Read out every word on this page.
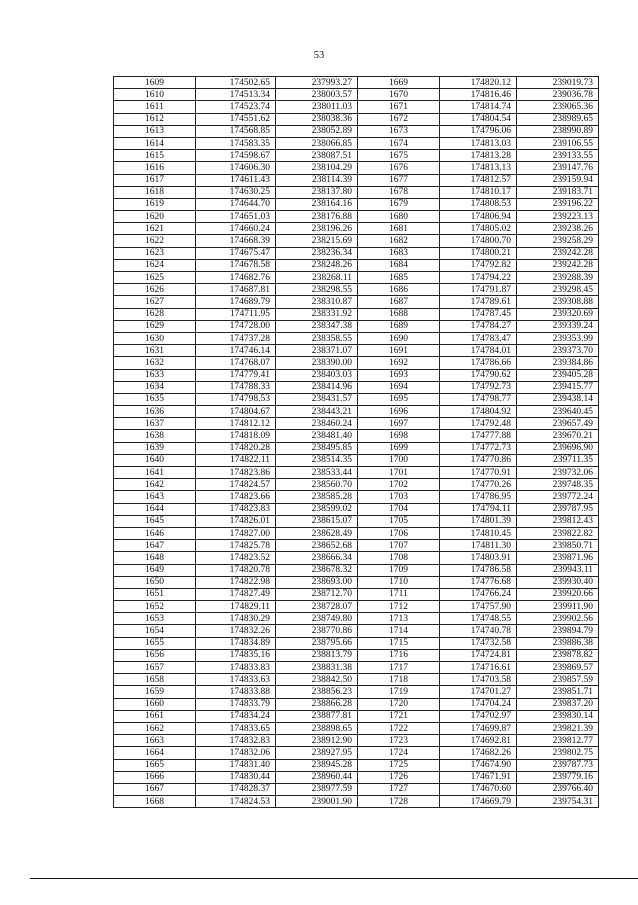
53
1609	174502.65	237993.27	1669	174820.12	239019.73
1610	174513.34	238003.57	1670	174816.46	239036.78
1611	174523.74	238011.03	1671	174814.74	239065.36
1612	174551.62	238038.36	1672	174804.54	238989.65
1613	174568.85	238052.89	1673	174796.06	238990.89
1614	174583.35	238066.85	1674	174813.03	239106.55
1615	174598.67	238087.51	1675	174813.28	239133.55
1616	174606.30	238104.29	1676	174813.13	239147.76
1617	174611.43	238114.39	1677	174812.57	239159.94
1618	174630.25	238137.80	1678	174810.17	239183.71
1619	174644.70	238164.16	1679	174808.53	239196.22
1620	174651.03	238176.88	1680	174806.94	239223.13
1621	174660.24	238196.26	1681	174805.02	239238.26
1622	174668.39	238215.69	1682	174800.70	239258.29
1623	174675.47	238236.34	1683	174800.21	239242.28
1624	174678.58	238248.26	1684	174792.82	239242.28
1625	174682.76	238268.11	1685	174794.22	239288.39
1626	174687.81	238298.55	1686	174791.87	239298.45
1627	174689.79	238310.87	1687	174789.61	239308.88
1628	174711.95	238331.92	1688	174787.45	239320.69
1629	174728.00	238347.38	1689	174784.27	239339.24
1630	174737.28	238358.55	1690	174783.47	239353.99
1631	174746.14	238371.07	1691	174784.01	239373.70
1632	174768.07	238390.00	1692	174786.66	239384.86
1633	174779.41	238403.03	1693	174790.62	239405.28
1634	174788.33	238414.96	1694	174792.73	239415.77
1635	174798.53	238431.57	1695	174798.77	239438.14
1636	174804.67	238443.21	1696	174804.92	239640.45
1637	174812.12	238460.24	1697	174792.48	239657.49
1638	174818.09	238481.40	1698	174777.88	239670.21
1639	174820.28	238495.85	1699	174772.73	239696.90
1640	174822.11	238514.35	1700	174770.86	239711.35
1641	174823.86	238533.44	1701	174770.91	239732.06
1642	174824.57	238560.70	1702	174770.26	239748.35
1643	174823.66	238585.28	1703	174786.95	239772.24
1644	174823.83	238599.02	1704	174794.11	239787.95
1645	174826.01	238615.07	1705	174801.39	239812.43
1646	174827.00	238628.49	1706	174810.45	239822.82
1647	174825.78	238652.68	1707	174811.30	239850.71
1648	174823.52	238666.34	1708	174803.91	239871.96
1649	174820.78	238678.32	1709	174786.58	239943.11
1650	174822.98	238693.00	1710	174776.68	239930.40
1651	174827.49	238712.70	1711	174766.24	239920.66
1652	174829.11	238728.07	1712	174757.90	239911.90
1653	174830.29	238749.80	1713	174748.55	239902.56
1654	174832.26	238770.86	1714	174740.78	239894.79
1655	174834.89	238795.66	1715	174732.58	239886.38
1656	174835.16	238813.79	1716	174724.81	239878.82
1657	174833.83	238831.38	1717	174716.61	239869.57
1658	174833.63	238842.50	1718	174703.58	239857.59
1659	174833.88	238856.23	1719	174701.27	239851.71
1660	174833.79	238866.28	1720	174704.24	239837.20
1661	174834.24	238877.81	1721	174702.97	239830.14
1662	174833.65	238898.65	1722	174699.87	239821.39
1663	174832.83	238912.90	1723	174692.81	239812.77
1664	174832.06	238927.95	1724	174682.26	239802.75
1665	174831.40	238945.28	1725	174674.90	239787.73
1666	174830.44	238960.44	1726	174671.91	239779.16
1667	174828.37	238977.59	1727	174670.60	239766.40
1668	174824.53	239001.90	1728	174669.79	239754.31
